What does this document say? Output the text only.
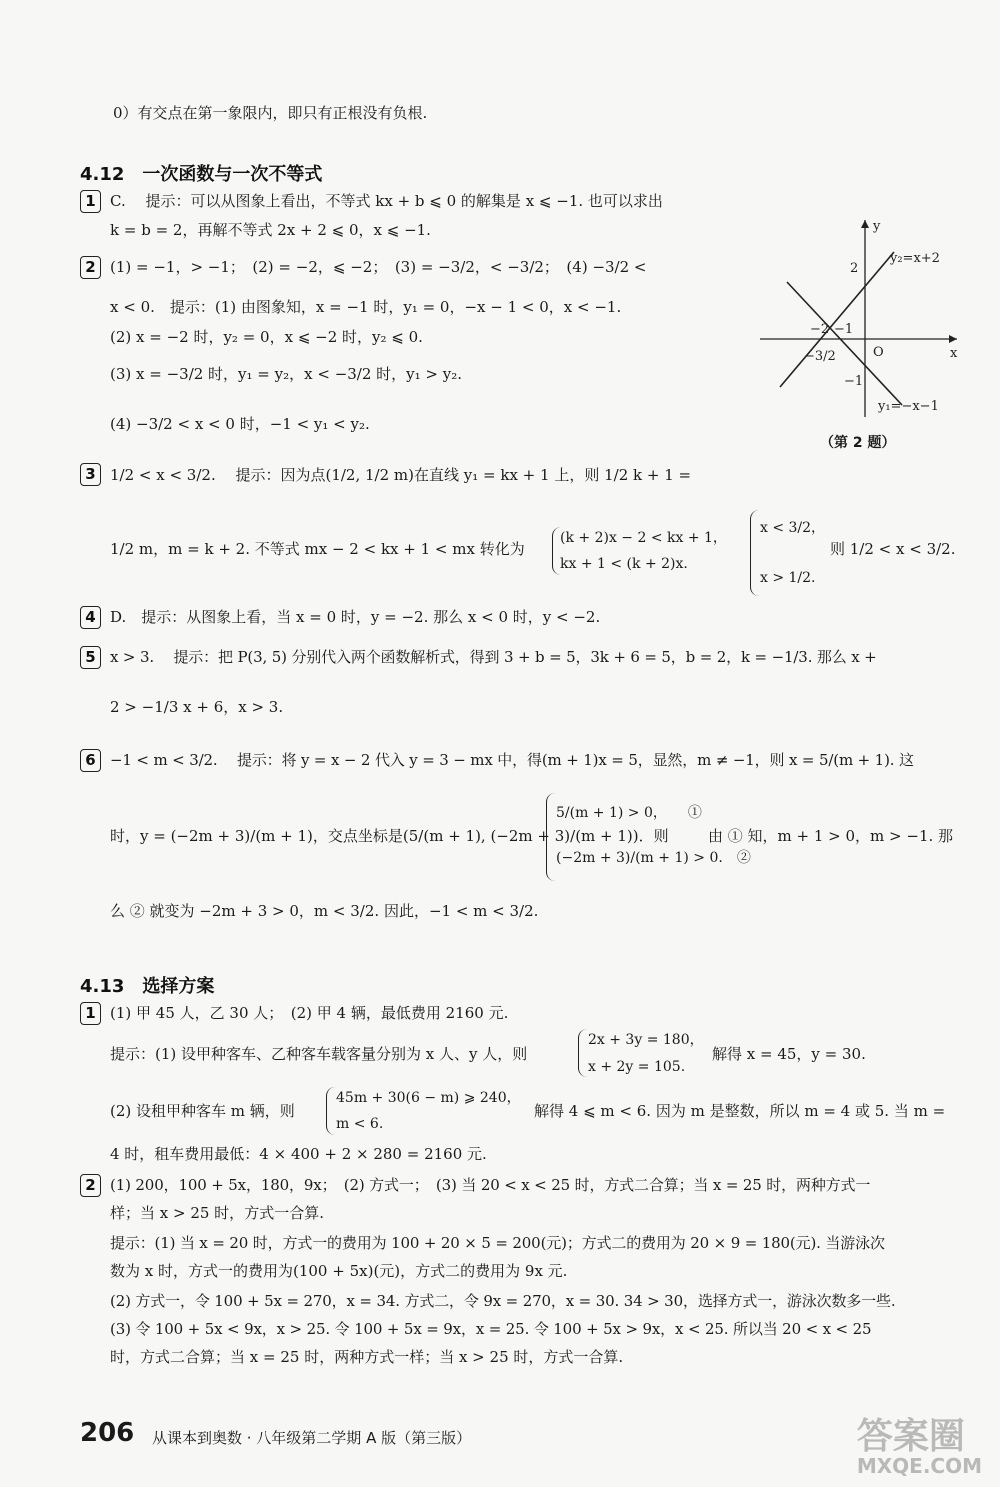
0）有交点在第一象限内，即只有正根没有负根.
4.12　一次函数与一次不等式
1 C.　 提示：可以从图象上看出，不等式 kx + b ⩽ 0 的解集是 x ⩽ −1. 也可以求出
k = b = 2，再解不等式 2x + 2 ⩽ 0，x ⩽ −1.
2 (1) = −1，> −1；　(2) = −2，⩽ −2；　(3) = −3/2，< −3/2；　(4) −3/2 <
x < 0.　提示：(1) 由图象知，x = −1 时，y₁ = 0，−x − 1 < 0，x < −1.
(2) x = −2 时，y₂ = 0，x ⩽ −2 时，y₂ ⩽ 0.
(3) x = −3/2 时，y₁ = y₂，x < −3/2 时，y₁ > y₂.
(4) −3/2 < x < 0 时，−1 < y₁ < y₂.
y
x
O
−2 −1
−3/2
2
−1
y₂=x+2
y₁=−x−1
（第 2 题）
3 1/2 < x < 3/2.　 提示：因为点(1/2, 1/2 m)在直线 y₁ = kx + 1 上，则 1/2 k + 1 =
1/2 m，m = k + 2. 不等式 mx − 2 < kx + 1 < mx 转化为
(k + 2)x − 2 < kx + 1，
kx + 1 < (k + 2)x.
x < 3/2，
x > 1/2.
则 1/2 < x < 3/2.
4 D.　提示：从图象上看，当 x = 0 时，y = −2. 那么 x < 0 时，y < −2.
5 x > 3.　 提示：把 P(3, 5) 分别代入两个函数解析式，得到 3 + b = 5，3k + 6 = 5，b = 2，k = −1/3. 那么 x +
2 > −1/3 x + 6，x > 3.
6 −1 < m < 3/2.　 提示：将 y = x − 2 代入 y = 3 − mx 中，得(m + 1)x = 5，显然，m ≠ −1，则 x = 5/(m + 1). 这
时，y = (−2m + 3)/(m + 1)，交点坐标是(5/(m + 1), (−2m + 3)/(m + 1))．则
5/(m + 1) > 0，　　①
(−2m + 3)/(m + 1) > 0.　②
由 ① 知，m + 1 > 0，m > −1. 那
么 ② 就变为 −2m + 3 > 0，m < 3/2. 因此，−1 < m < 3/2.
4.13　选择方案
1 (1) 甲 45 人，乙 30 人；　(2) 甲 4 辆，最低费用 2160 元.
提示：(1) 设甲种客车、乙种客车载客量分别为 x 人、y 人，则
2x + 3y = 180，
x + 2y = 105.
解得 x = 45，y = 30.
(2) 设租甲种客车 m 辆，则
45m + 30(6 − m) ⩾ 240，
m < 6.
解得 4 ⩽ m < 6. 因为 m 是整数，所以 m = 4 或 5. 当 m =
4 时，租车费用最低：4 × 400 + 2 × 280 = 2160 元.
2 (1) 200，100 + 5x，180，9x；　(2) 方式一；　(3) 当 20 < x < 25 时，方式二合算；当 x = 25 时，两种方式一
样；当 x > 25 时，方式一合算.
提示：(1) 当 x = 20 时，方式一的费用为 100 + 20 × 5 = 200(元)；方式二的费用为 20 × 9 = 180(元). 当游泳次
数为 x 时，方式一的费用为(100 + 5x)(元)，方式二的费用为 9x 元.
(2) 方式一，令 100 + 5x = 270，x = 34. 方式二，令 9x = 270，x = 30. 34 > 30，选择方式一，游泳次数多一些.
(3) 令 100 + 5x < 9x，x > 25. 令 100 + 5x = 9x，x = 25. 令 100 + 5x > 9x，x < 25. 所以当 20 < x < 25
时，方式二合算；当 x = 25 时，两种方式一样；当 x > 25 时，方式一合算.
206 从课本到奥数 · 八年级第二学期 A 版（第三版）	答案圈
MXQE.COM
